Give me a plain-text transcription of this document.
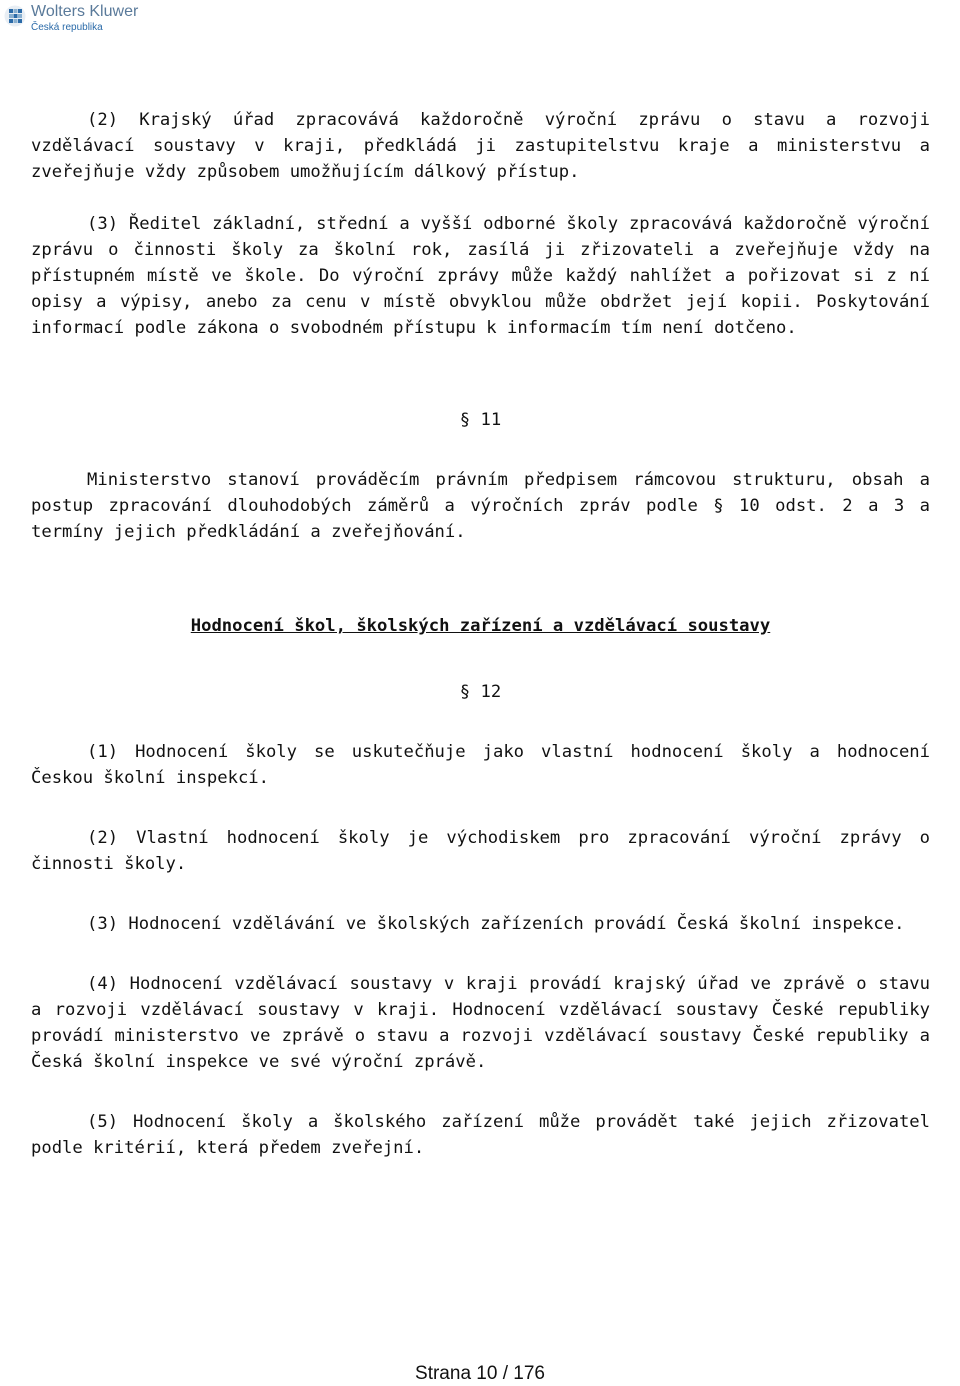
Wolters Kluwer
Česká republika

(2) Krajský úřad zpracovává každoročně výroční zprávu o stavu a rozvoji vzdělávací soustavy v kraji, předkládá ji zastupitelstvu kraje a ministerstvu a zveřejňuje vždy způsobem umožňujícím dálkový přístup.

(3) Ředitel základní, střední a vyšší odborné školy zpracovává každoročně výroční zprávu o činnosti školy za školní rok, zasílá ji zřizovateli a zveřejňuje vždy na přístupném místě ve škole. Do výroční zprávy může každý nahlížet a pořizovat si z ní opisy a výpisy, anebo za cenu v místě obvyklou může obdržet její kopii. Poskytování informací podle zákona o svobodném přístupu k informacím tím není dotčeno.

§ 11

Ministerstvo stanoví prováděcím právním předpisem rámcovou strukturu, obsah a postup zpracování dlouhodobých záměrů a výročních zpráv podle § 10 odst. 2 a 3 a termíny jejich předkládání a zveřejňování.

Hodnocení škol, školských zařízení a vzdělávací soustavy

§ 12

(1) Hodnocení školy se uskutečňuje jako vlastní hodnocení školy a hodnocení Českou školní inspekcí.

(2) Vlastní hodnocení školy je východiskem pro zpracování výroční zprávy o činnosti školy.

(3) Hodnocení vzdělávání ve školských zařízeních provádí Česká školní inspekce.

(4) Hodnocení vzdělávací soustavy v kraji provádí krajský úřad ve zprávě o stavu a rozvoji vzdělávací soustavy v kraji. Hodnocení vzdělávací soustavy České republiky provádí ministerstvo ve zprávě o stavu a rozvoji vzdělávací soustavy České republiky a Česká školní inspekce ve své výroční zprávě.

(5) Hodnocení školy a školského zařízení může provádět také jejich zřizovatel podle kritérií, která předem zveřejní.

Strana 10 / 176
